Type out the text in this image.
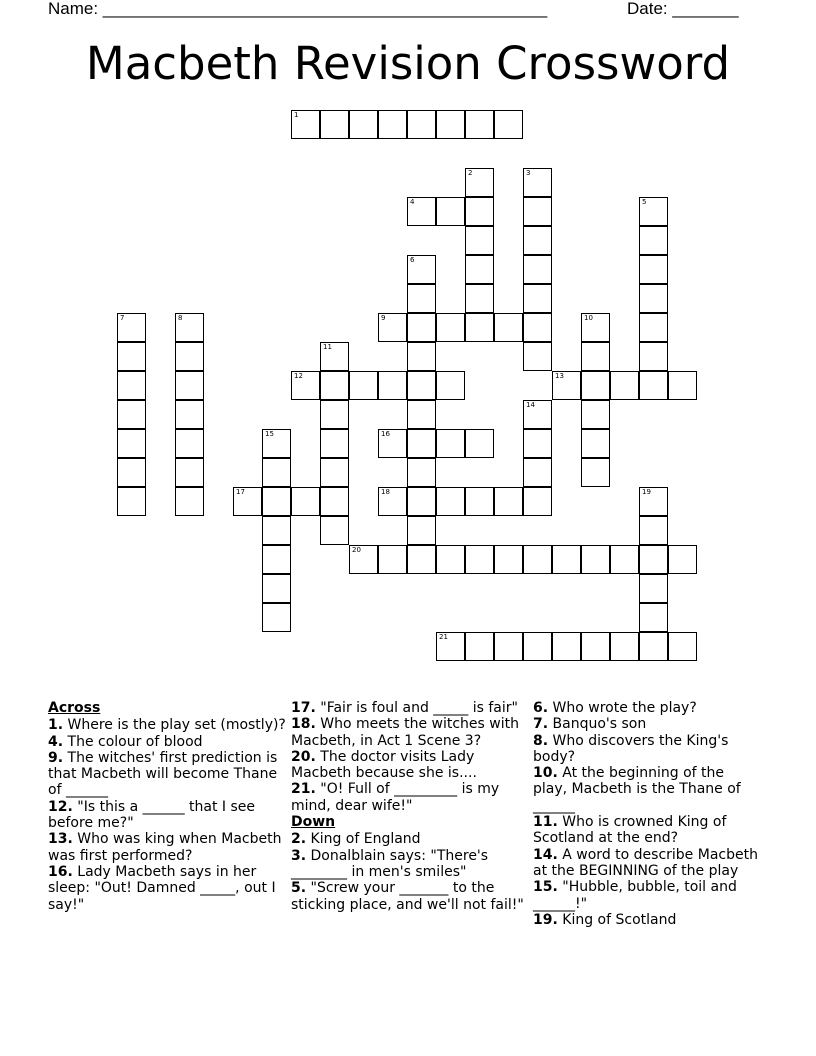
Name: _______________________________________________	Date: _______
Macbeth Revision Crossword
1
2	3
4	5
6
7	8	9	10
11
12	13
14
15	16
17	18	19
20
21
Across
1. Where is the play set (mostly)?
4. The colour of blood
9. The witches' first prediction is that Macbeth will become Thane of ______
12. "Is this a ______ that I see before me?"
13. Who was king when Macbeth was first performed?
16. Lady Macbeth says in her sleep: "Out! Damned _____, out I say!"
17. "Fair is foul and _____ is fair"
18. Who meets the witches with Macbeth, in Act 1 Scene 3?
20. The doctor visits Lady Macbeth because she is....
21. "O! Full of _________ is my mind, dear wife!"
Down
2. King of England
3. Donalblain says: "There's ________ in men's smiles"
5. "Screw your _______ to the sticking place, and we'll not fail!"
6. Who wrote the play?
7. Banquo's son
8. Who discovers the King's body?
10. At the beginning of the play, Macbeth is the Thane of ______
11. Who is crowned King of Scotland at the end?
14. A word to describe Macbeth at the BEGINNING of the play
15. "Hubble, bubble, toil and ______!"
19. King of Scotland
